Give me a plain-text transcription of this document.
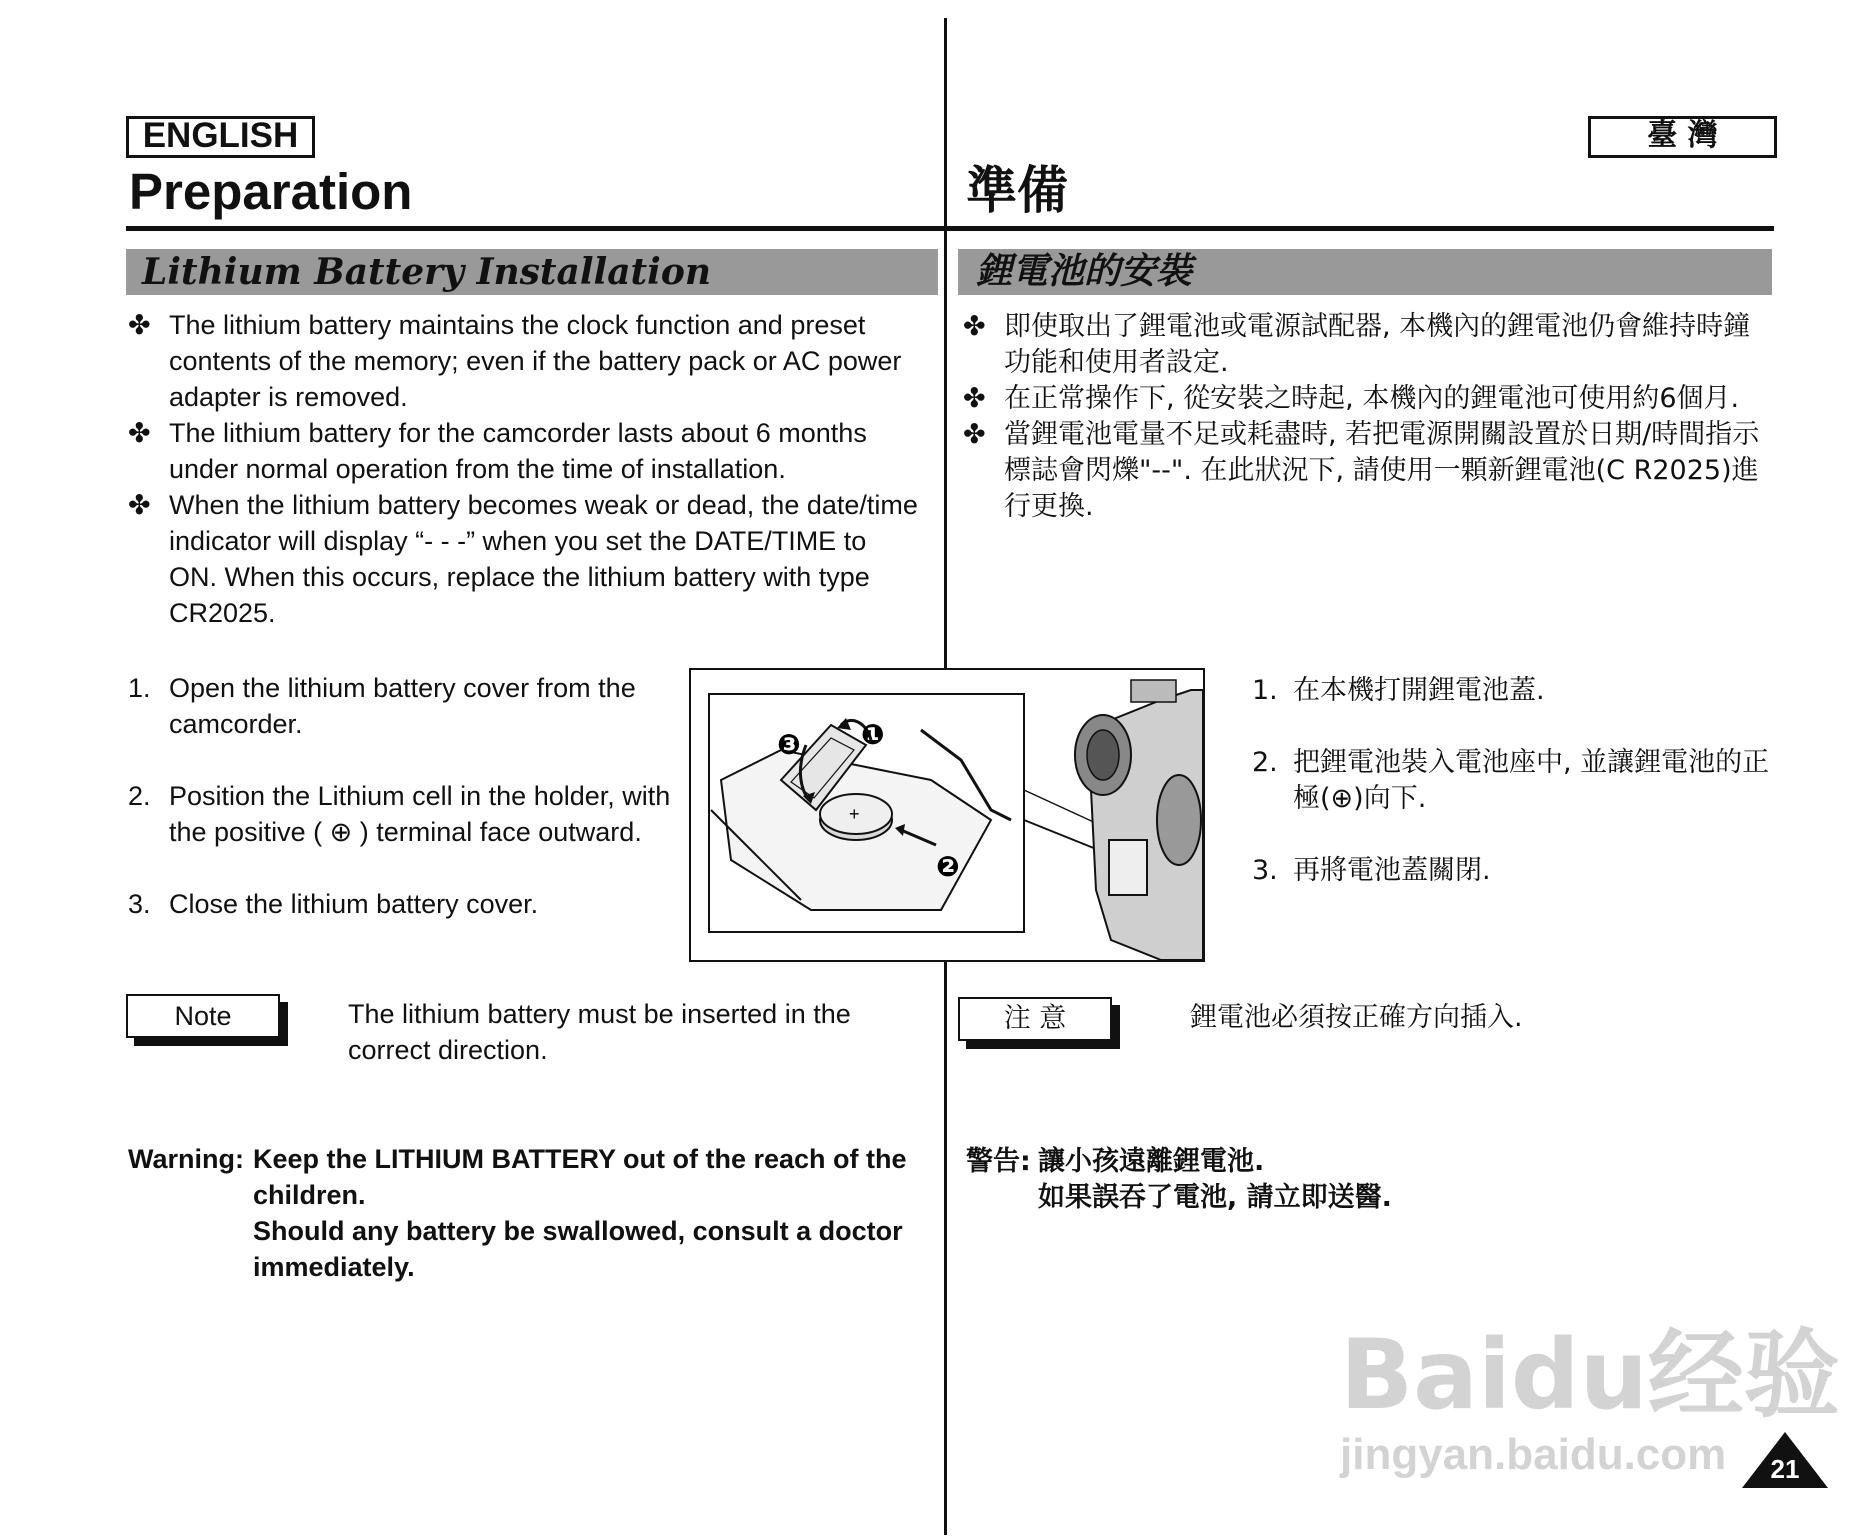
ENGLISH
Preparation
臺 灣
準備
Lithium Battery Installation	鋰電池的安裝
✤ The lithium battery maintains the clock function and preset contents of the memory; even if the battery pack or AC power adapter is removed.
✤ The lithium battery for the camcorder lasts about 6 months under normal operation from the time of installation.
✤ When the lithium battery becomes weak or dead, the date/time indicator will display “- - -” when you set the DATE/TIME to ON. When this occurs, replace the lithium battery with type CR2025.
✤ 即使取出了鋰電池或電源試配器, 本機內的鋰電池仍會維持時鐘功能和使用者設定.
✤ 在正常操作下, 從安裝之時起, 本機內的鋰電池可使用約6個月.
✤ 當鋰電池電量不足或耗盡時, 若把電源開關設置於日期/時間指示標誌會閃爍"--". 在此狀況下, 請使用一顆新鋰電池(C R2025)進行更換.
1. Open the lithium battery cover from the camcorder.
2. Position the Lithium cell in the holder, with the positive ( ⊕ ) terminal face outward.
3. Close the lithium battery cover.
+
❸ ❶
❷
1. 在本機打開鋰電池蓋.
2. 把鋰電池裝入電池座中, 並讓鋰電池的正極(⊕)向下.
3. 再將電池蓋關閉.
Note	The lithium battery must be inserted in the correct direction.
注 意	鋰電池必須按正確方向插入.
Warning: Keep the LITHIUM BATTERY out of the reach of the children.
Should any battery be swallowed, consult a doctor immediately.
警告: 讓小孩遠離鋰電池.
如果誤吞了電池, 請立即送醫.
Baidu经验
jingyan.baidu.com	21
